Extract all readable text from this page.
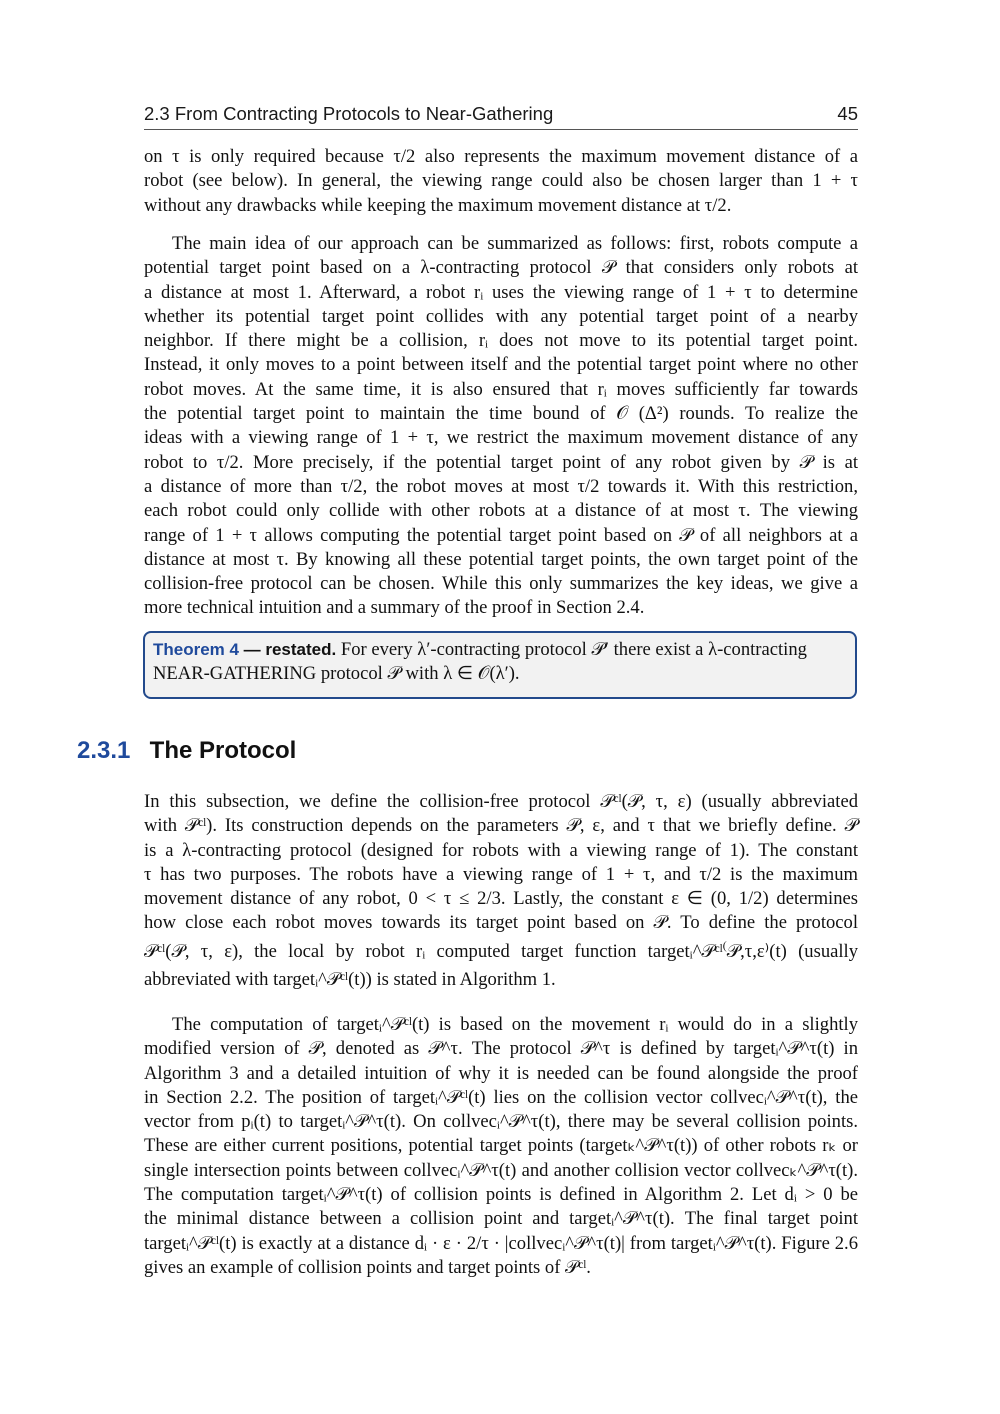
2.3 From Contracting Protocols to Near-Gathering	45
on τ is only required because τ/2 also represents the maximum movement distance of a
robot (see below). In general, the viewing range could also be chosen larger than 1 + τ
without any drawbacks while keeping the maximum movement distance at τ/2.
The main idea of our approach can be summarized as follows: first, robots compute a
potential target point based on a λ-contracting protocol 𝒫 that considers only robots at
a distance at most 1. Afterward, a robot rᵢ uses the viewing range of 1 + τ to determine
whether its potential target point collides with any potential target point of a nearby
neighbor. If there might be a collision, rᵢ does not move to its potential target point.
Instead, it only moves to a point between itself and the potential target point where no other
robot moves. At the same time, it is also ensured that rᵢ moves sufficiently far towards
the potential target point to maintain the time bound of 𝒪 (Δ²) rounds. To realize the
ideas with a viewing range of 1 + τ, we restrict the maximum movement distance of any
robot to τ/2. More precisely, if the potential target point of any robot given by 𝒫 is at
a distance of more than τ/2, the robot moves at most τ/2 towards it. With this restriction,
each robot could only collide with other robots at a distance of at most τ. The viewing
range of 1 + τ allows computing the potential target point based on 𝒫 of all neighbors at a
distance at most τ. By knowing all these potential target points, the own target point of the
collision-free protocol can be chosen. While this only summarizes the key ideas, we give a
more technical intuition and a summary of the proof in Section 2.4.
Theorem 4 — restated. For every λ′-contracting protocol 𝒫′ there exist a λ-contracting
NEAR-GATHERING protocol 𝒫 with λ ∈ 𝒪(λ′).
2.3.1 The Protocol
In this subsection, we define the collision-free protocol 𝒫ᶜˡ(𝒫, τ, ε) (usually abbreviated
with 𝒫ᶜˡ). Its construction depends on the parameters 𝒫, ε, and τ that we briefly define. 𝒫
is a λ-contracting protocol (designed for robots with a viewing range of 1). The constant
τ has two purposes. The robots have a viewing range of 1 + τ, and τ/2 is the maximum
movement distance of any robot, 0 < τ ≤ 2/3. Lastly, the constant ε ∈ (0, 1/2) determines
how close each robot moves towards its target point based on 𝒫. To define the protocol
𝒫ᶜˡ(𝒫, τ, ε), the local by robot rᵢ computed target function targetᵢ^𝒫ᶜˡ⁽𝒫,τ,ε⁾(t) (usually
abbreviated with targetᵢ^𝒫ᶜˡ(t)) is stated in Algorithm 1.
The computation of targetᵢ^𝒫ᶜˡ(t) is based on the movement rᵢ would do in a slightly
modified version of 𝒫, denoted as 𝒫^τ. The protocol 𝒫^τ is defined by targetᵢ^𝒫^τ(t) in
Algorithm 3 and a detailed intuition of why it is needed can be found alongside the proof
in Section 2.2. The position of targetᵢ^𝒫ᶜˡ(t) lies on the collision vector collvecᵢ^𝒫^τ(t), the
vector from pᵢ(t) to targetᵢ^𝒫^τ(t). On collvecᵢ^𝒫^τ(t), there may be several collision points.
These are either current positions, potential target points (targetₖ^𝒫^τ(t)) of other robots rₖ or
single intersection points between collvecᵢ^𝒫^τ(t) and another collision vector collvecₖ^𝒫^τ(t).
The computation targetᵢ^𝒫^τ(t) of collision points is defined in Algorithm 2. Let dᵢ > 0 be
the minimal distance between a collision point and targetᵢ^𝒫^τ(t). The final target point
targetᵢ^𝒫ᶜˡ(t) is exactly at a distance dᵢ · ε · 2/τ · |collvecᵢ^𝒫^τ(t)| from targetᵢ^𝒫^τ(t). Figure 2.6
gives an example of collision points and target points of 𝒫ᶜˡ.
